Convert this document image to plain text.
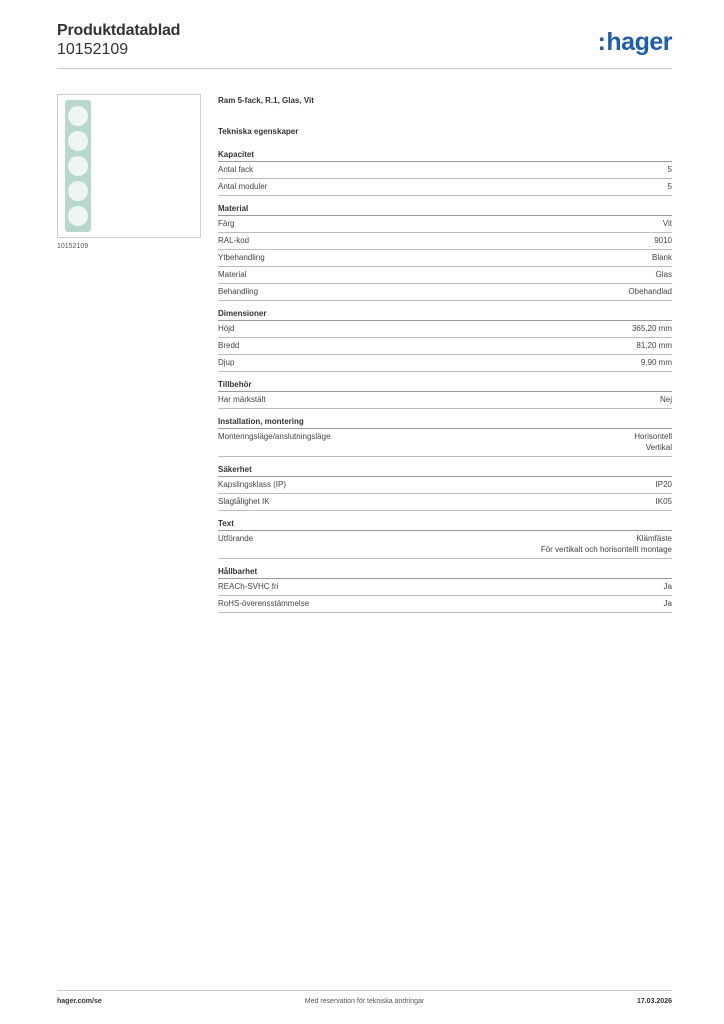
Produktdatablad
10152109	:hager
10152109
Ram 5-fack, R.1, Glas, Vit
Tekniska egenskaper
Kapacitet
Antal fack	5
Antal moduler	5
Material
Färg	Vit
RAL-kod	9010
Ytbehandling	Blank
Material	Glas
Behandling	Obehandlad
Dimensioner
Höjd	365,20 mm
Bredd	81,20 mm
Djup	9,90 mm
Tillbehör
Har märkstält	Nej
Installation, montering
Monteringsläge/anslutningsläge	Horisontell
Vertikal
Säkerhet
Kapslingsklass (IP)	IP20
Slagtålighet IK	IK05
Text
Utförande	Klämfäste
För vertikalt och horisontellt montage
Hållbarhet
REACh-SVHC fri	Ja
RoHS-överensstämmelse	Ja
hager.com/se	Med reservation för tekniska ändringar	17.03.2026
